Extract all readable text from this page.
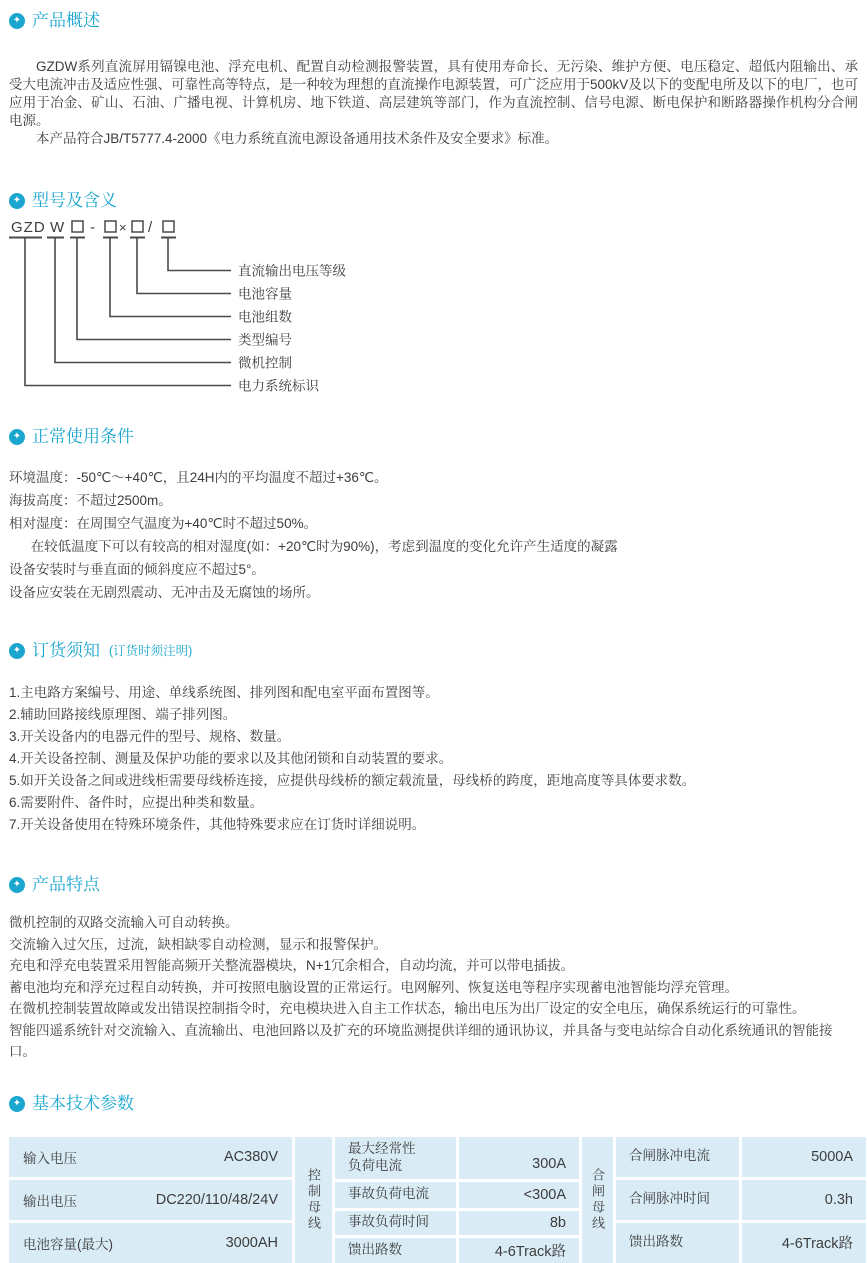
✦ 产品概述

GZDW系列直流屏用镉镍电池、浮充电机、配置自动检测报警装置，具有使用寿命长、无污染、维护方便、电压稳定、超低内阻输出、承受大电流冲击及适应性强、可靠性高等特点，是一种较为理想的直流操作电源装置，可广泛应用于500kV及以下的变配电所及以下的电厂，也可应用于冶金、矿山、石油、广播电视、计算机房、地下铁道、高层建筑等部门，作为直流控制、信号电源、断电保护和断路器操作机构分合闸电源。

本产品符合JB/T5777.4-2000《电力系统直流电源设备通用技术条件及安全要求》标准。

✦ 型号及含义
GZD W - × /
直流输出电压等级
电池容量
电池组数
类型编号
微机控制
电力系统标识
✦ 正常使用条件
环境温度：-50℃～+40℃，且24H内的平均温度不超过+36℃。
海拔高度：不超过2500m。
相对湿度：在周围空气温度为+40℃时不超过50%。
在较低温度下可以有较高的相对湿度(如：+20℃时为90%)，考虑到温度的变化允许产生适度的凝露
设备安装时与垂直面的倾斜度应不超过5°。
设备应安装在无剧烈震动、无冲击及无腐蚀的场所。
✦ 订货须知 (订货时须注明)
1.主电路方案编号、用途、单线系统图、排列图和配电室平面布置图等。
2.辅助回路接线原理图、端子排列图。
3.开关设备内的电器元件的型号、规格、数量。
4.开关设备控制、测量及保护功能的要求以及其他闭锁和自动装置的要求。
5.如开关设备之间或进线柜需要母线桥连接，应提供母线桥的额定载流量，母线桥的跨度，距地高度等具体要求数。
6.需要附件、备件时，应提出种类和数量。
7.开关设备使用在特殊环境条件，其他特殊要求应在订货时详细说明。
✦ 产品特点
微机控制的双路交流输入可自动转换。
交流输入过欠压，过流，缺相缺零自动检测，显示和报警保护。
充电和浮充电装置采用智能高频开关整流器模块，N+1冗余相合，自动均流，并可以带电插拔。
蓄电池均充和浮充过程自动转换，并可按照电脑设置的正常运行。电网解列、恢复送电等程序实现蓄电池智能均浮充管理。
在微机控制装置故障或发出错误控制指令时，充电模块进入自主工作状态，输出电压为出厂设定的安全电压，确保系统运行的可靠性。
智能四遥系统针对交流输入、直流输出、电池回路以及扩充的环境监测提供详细的通讯协议，并具备与变电站综合自动化系统通讯的智能接口。
✦ 基本技术参数
输入电压	AC380V
输出电压	DC220/110/48/24V
电池容量(最大)	3000AH
控制母线
最大经常性负荷电流	300A
事故负荷电流	<300A
事故负荷时间	8b
馈出路数	4-6Track路
合闸母线
合闸脉冲电流	5000A
合闸脉冲时间	0.3h
馈出路数	4-6Track路
